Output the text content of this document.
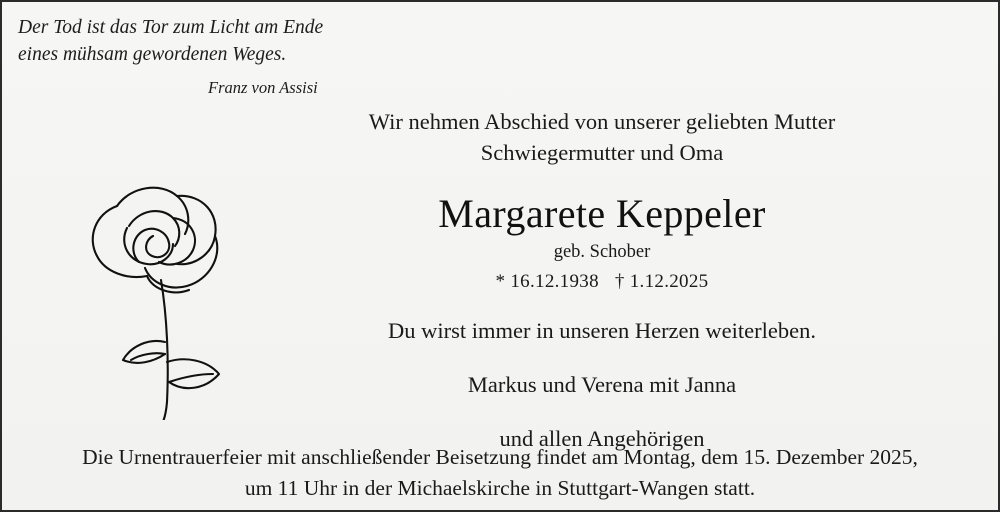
Der Tod ist das Tor zum Licht am Ende
eines mühsam gewordenen Weges.
Franz von Assisi
Wir nehmen Abschied von unserer geliebten Mutter
Schwiegermutter und Oma
Margarete Keppeler
geb. Schober
* 16.12.1938 † 1.12.2025
Du wirst immer in unseren Herzen weiterleben.
Markus und Verena mit Janna
und allen Angehörigen
Die Urnentrauerfeier mit anschließender Beisetzung findet am Montag, dem 15. Dezember 2025,
um 11 Uhr in der Michaelskirche in Stuttgart-Wangen statt.
